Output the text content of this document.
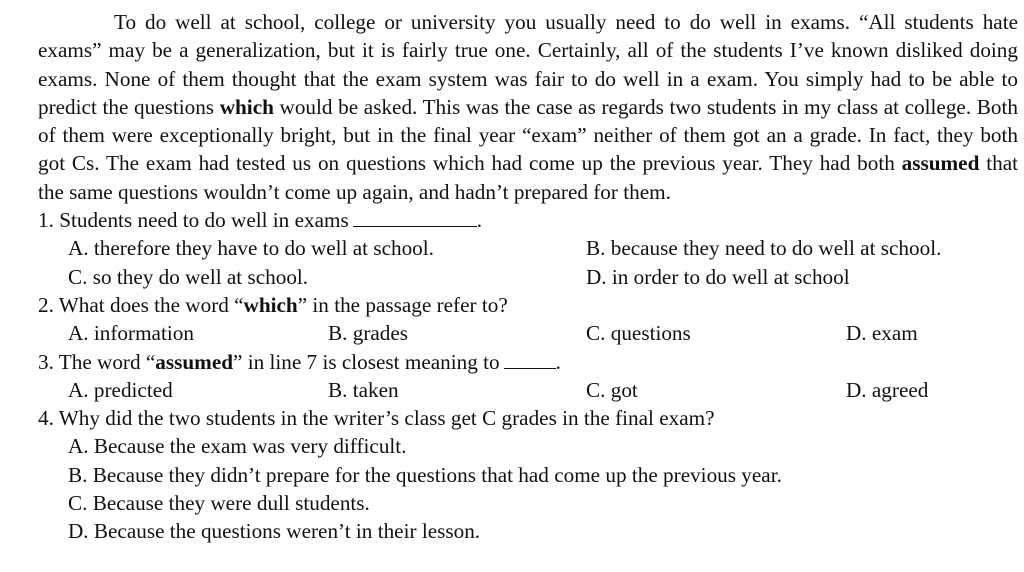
To do well at school, college or university you usually need to do well in exams. “All students hate exams” may be a generalization, but it is fairly true one. Certainly, all of the students I’ve known disliked doing exams. None of them thought that the exam system was fair to do well in a exam. You simply had to be able to predict the questions which would be asked. This was the case as regards two students in my class at college. Both of them were exceptionally bright, but in the final year “exam” neither of them got an a grade. In fact, they both got Cs. The exam had tested us on questions which had come up the previous year. They had both assumed that the same questions wouldn’t come up again, and hadn’t prepared for them.

1. Students need to do well in exams	.
A. therefore they have to do well at school.	B. because they need to do well at school.
C. so they do well at school.	D. in order to do well at school
2. What does the word “which” in the passage refer to?
A. information	B. grades	C. questions	D. exam
3. The word “assumed” in line 7 is closest meaning to	.
A. predicted	B. taken	C. got	D. agreed
4. Why did the two students in the writer’s class get C grades in the final exam?
A. Because the exam was very difficult.
B. Because they didn’t prepare for the questions that had come up the previous year.
C. Because they were dull students.
D. Because the questions weren’t in their lesson.
